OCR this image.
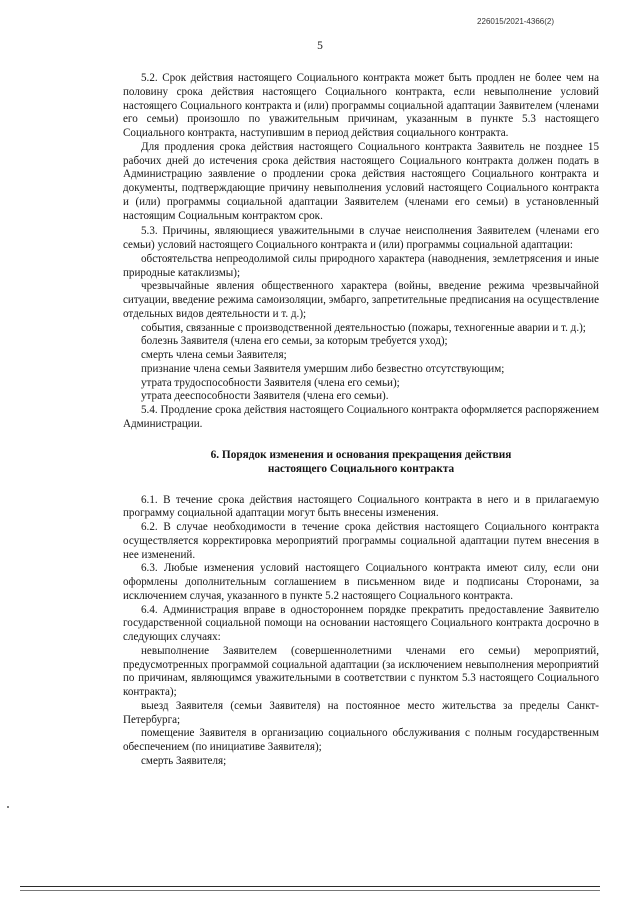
226015/2021-4366(2)
5

5.2. Срок действия настоящего Социального контракта может быть продлен не более чем на половину срока действия настоящего Социального контракта, если невыполнение условий настоящего Социального контракта и (или) программы социальной адаптации Заявителем (членами его семьи) произошло по уважительным причинам, указанным в пункте 5.3 настоящего Социального контракта, наступившим в период действия социального контракта.

Для продления срока действия настоящего Социального контракта Заявитель не позднее 15 рабочих дней до истечения срока действия настоящего Социального контракта должен подать в Администрацию заявление о продлении срока действия настоящего Социального контракта и документы, подтверждающие причину невыполнения условий настоящего Социального контракта и (или) программы социальной адаптации Заявителем (членами его семьи) в установленный настоящим Социальным контрактом срок.

5.3. Причины, являющиеся уважительными в случае неисполнения Заявителем (членами его семьи) условий настоящего Социального контракта и (или) программы социальной адаптации:

обстоятельства непреодолимой силы природного характера (наводнения, землетрясения и иные природные катаклизмы);

чрезвычайные явления общественного характера (войны, введение режима чрезвычайной ситуации, введение режима самоизоляции, эмбарго, запретительные предписания на осуществление отдельных видов деятельности и т. д.);

события, связанные с производственной деятельностью (пожары, техногенные аварии и т. д.);

болезнь Заявителя (члена его семьи, за которым требуется уход);

смерть члена семьи Заявителя;

признание члена семьи Заявителя умершим либо безвестно отсутствующим;

утрата трудоспособности Заявителя (члена его семьи);

утрата дееспособности Заявителя (члена его семьи).

5.4. Продление срока действия настоящего Социального контракта оформляется распоряжением Администрации.

6. Порядок изменения и основания прекращения действия
настоящего Социального контракта

6.1. В течение срока действия настоящего Социального контракта в него и в прилагаемую программу социальной адаптации могут быть внесены изменения.

6.2. В случае необходимости в течение срока действия настоящего Социального контракта осуществляется корректировка мероприятий программы социальной адаптации путем внесения в нее изменений.

6.3. Любые изменения условий настоящего Социального контракта имеют силу, если они оформлены дополнительным соглашением в письменном виде и подписаны Сторонами, за исключением случая, указанного в пункте 5.2 настоящего Социального контракта.

6.4. Администрация вправе в одностороннем порядке прекратить предоставление Заявителю государственной социальной помощи на основании настоящего Социального контракта досрочно в следующих случаях:

невыполнение Заявителем (совершеннолетними членами его семьи) мероприятий, предусмотренных программой социальной адаптации (за исключением невыполнения мероприятий по причинам, являющимся уважительными в соответствии с пунктом 5.3 настоящего Социального контракта);

выезд Заявителя (семьи Заявителя) на постоянное место жительства за пределы Санкт-Петербурга;

помещение Заявителя в организацию социального обслуживания с полным государственным обеспечением (по инициативе Заявителя);

смерть Заявителя;
